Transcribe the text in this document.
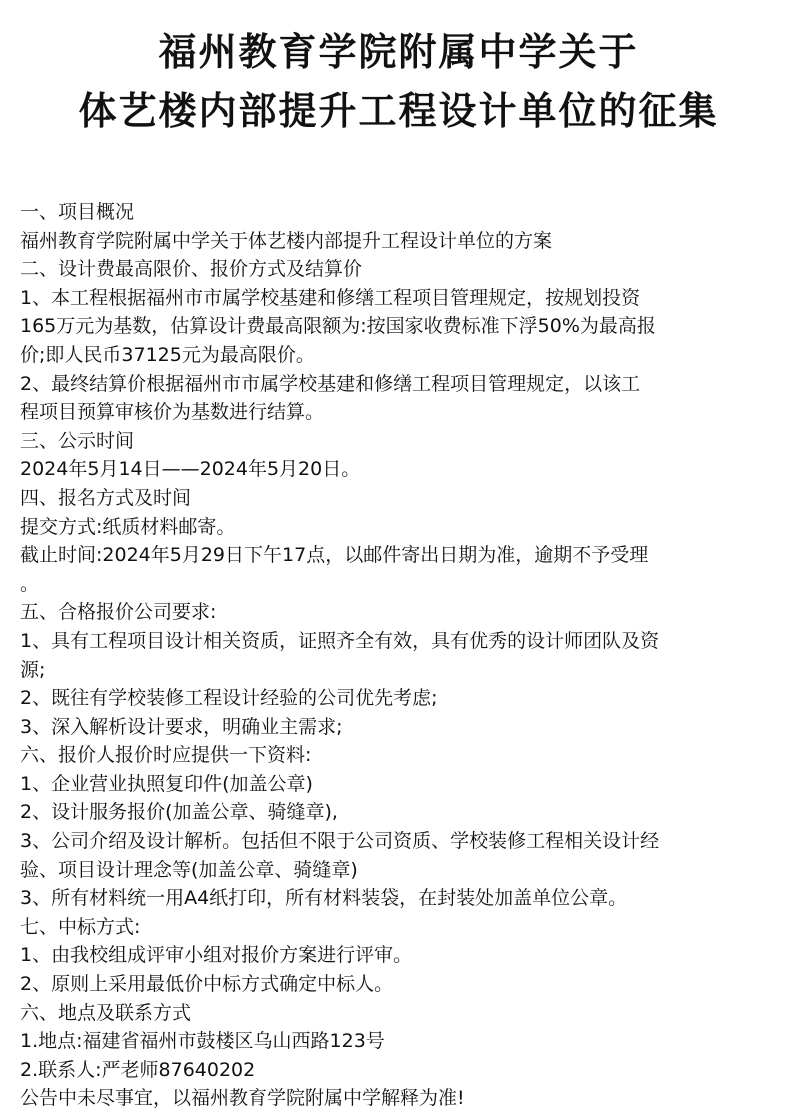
福州教育学院附属中学关于
体艺楼内部提升工程设计单位的征集
一、项目概况
福州教育学院附属中学关于体艺楼内部提升工程设计单位的方案
二、设计费最高限价、报价方式及结算价
1、本工程根据福州市市属学校基建和修缮工程项目管理规定，按规划投资
165万元为基数，估算设计费最高限额为:按国家收费标准下浮50%为最高报
价;即人民币37125元为最高限价。
2、最终结算价根据福州市市属学校基建和修缮工程项目管理规定，以该工
程项目预算审核价为基数进行结算。
三、公示时间
2024年5月14日——2024年5月20日。
四、报名方式及时间
提交方式:纸质材料邮寄。
截止时间:2024年5月29日下午17点，以邮件寄出日期为准，逾期不予受理
。
五、合格报价公司要求:
1、具有工程项目设计相关资质，证照齐全有效，具有优秀的设计师团队及资
源;
2、既往有学校装修工程设计经验的公司优先考虑;
3、深入解析设计要求，明确业主需求;
六、报价人报价时应提供一下资料:
1、企业营业执照复印件(加盖公章)
2、设计服务报价(加盖公章、骑缝章),
3、公司介绍及设计解析。包括但不限于公司资质、学校装修工程相关设计经
验、项目设计理念等(加盖公章、骑缝章)
3、所有材料统一用A4纸打印，所有材料装袋，在封装处加盖单位公章。
七、中标方式:
1、由我校组成评审小组对报价方案进行评审。
2、原则上采用最低价中标方式确定中标人。
六、地点及联系方式
1.地点:福建省福州市鼓楼区乌山西路123号
2.联系人:严老师87640202
公告中未尽事宜，以福州教育学院附属中学解释为准!
